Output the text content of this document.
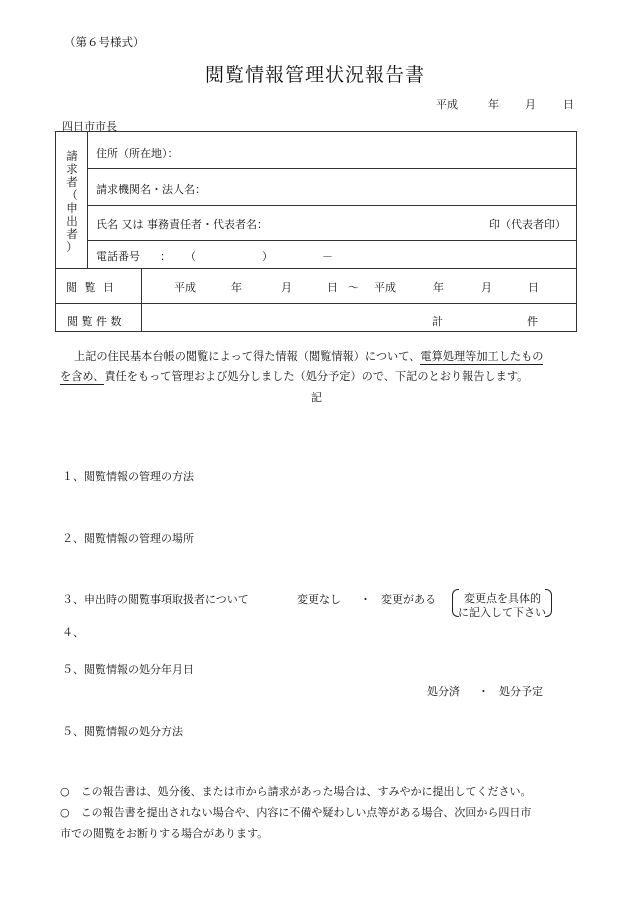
（第６号様式）
閲覧情報管理状況報告書
平成	年 月 日
四日市市長
請
求
者
（
申
出
者
）
住所（所在地）：
請求機関名・法人名：
氏名 又は 事務責任者・代表者名：	印（代表者印）
電話番号 ： （	）	－
閲 覧 日	平成	年	月	日 ～ 平成	年	月	日
閲 覧 件 数	計	件
上記の住民基本台帳の閲覧によって得た情報（閲覧情報）について、電算処理等加工したもの
を含め、責任をもって管理および処分しました（処分予定）ので、下記のとおり報告します。
記
１、閲覧情報の管理の方法
２、閲覧情報の管理の場所
３、申出時の閲覧事項取扱者について	変更なし ・ 変更がある	変更点を具体的
に記入して下さい
４、
５、閲覧情報の処分年月日
処分済 ・ 処分予定
５、閲覧情報の処分方法
○　この報告書は、処分後、または市から請求があった場合は、すみやかに提出してください。
○　この報告書を提出されない場合や、内容に不備や疑わしい点等がある場合、次回から四日市
市での閲覧をお断りする場合があります。
